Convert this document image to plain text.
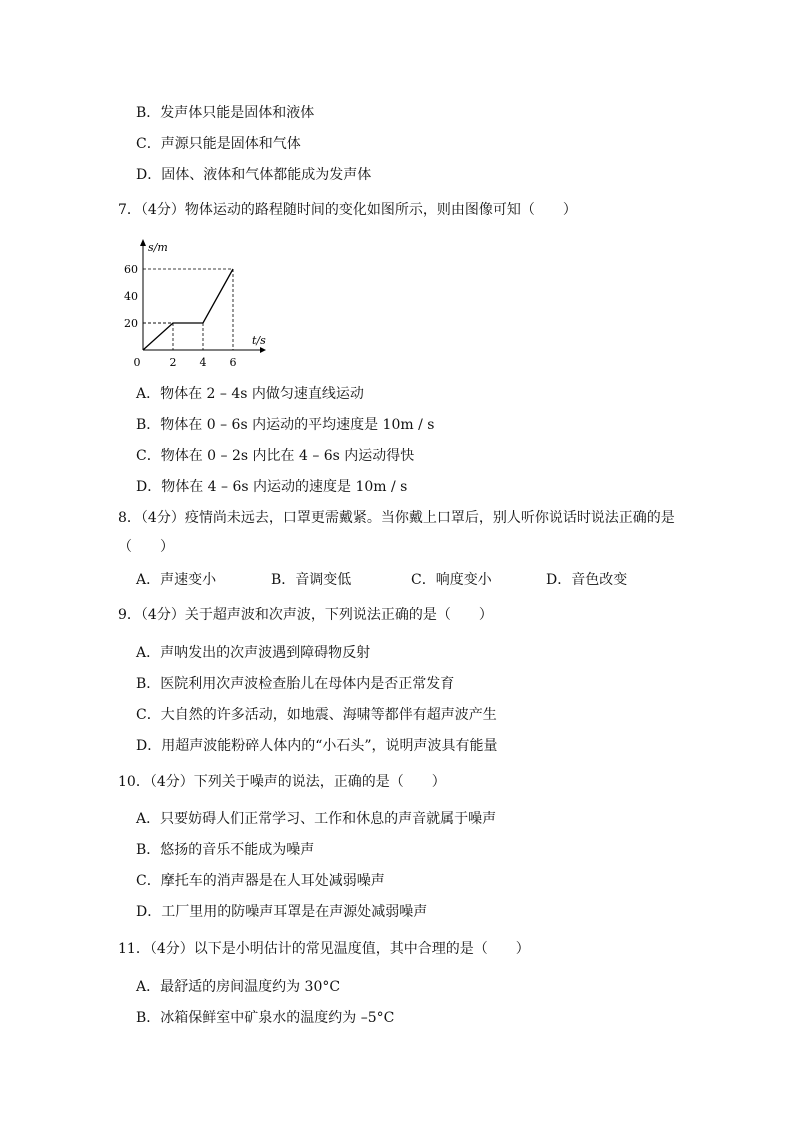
B．发声体只能是固体和液体
C．声源只能是固体和气体
D．固体、液体和气体都能成为发声体
7．（4分）物体运动的路程随时间的变化如图所示，则由图像可知（　　）
s/m
t/s
0	2 4 6
20
40
60
A．物体在 2 – 4s 内做匀速直线运动
B．物体在 0 – 6s 内运动的平均速度是 10m / s
C．物体在 0 – 2s 内比在 4 – 6s 内运动得快
D．物体在 4 – 6s 内运动的速度是 10m / s
8．（4分）疫情尚未远去，口罩更需戴紧。当你戴上口罩后，别人听你说话时说法正确的是
（　　）
A．声速变小	B．音调变低	C．响度变小	D．音色改变
9．（4分）关于超声波和次声波，下列说法正确的是（　　）
A．声呐发出的次声波遇到障碍物反射
B．医院利用次声波检查胎儿在母体内是否正常发育
C．大自然的许多活动，如地震、海啸等都伴有超声波产生
D．用超声波能粉碎人体内的“小石头”，说明声波具有能量
10．（4分）下列关于噪声的说法，正确的是（　　）
A．只要妨碍人们正常学习、工作和休息的声音就属于噪声
B．悠扬的音乐不能成为噪声
C．摩托车的消声器是在人耳处减弱噪声
D．工厂里用的防噪声耳罩是在声源处减弱噪声
11．（4分）以下是小明估计的常见温度值，其中合理的是（　　）
A．最舒适的房间温度约为 30°C
B．冰箱保鲜室中矿泉水的温度约为 –5°C
